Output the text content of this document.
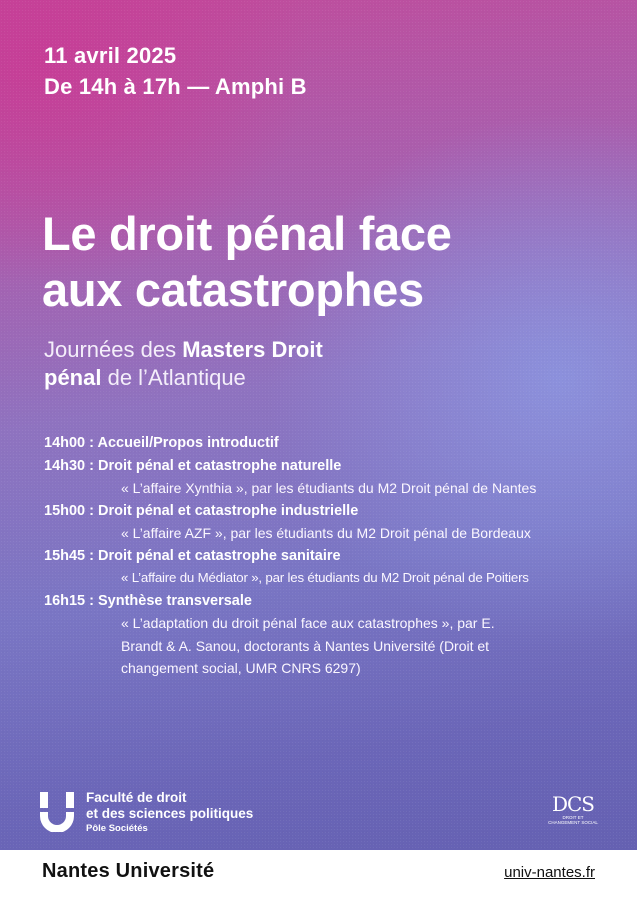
11 avril 2025
De 14h à 17h — Amphi B
Le droit pénal face
aux catastrophes
Journées des Masters Droit
pénal de l’Atlantique
14h00 : Accueil/Propos introductif
14h30 : Droit pénal et catastrophe naturelle
« L’affaire Xynthia », par les étudiants du M2 Droit pénal de Nantes
15h00 : Droit pénal et catastrophe industrielle
« L’affaire AZF », par les étudiants du M2 Droit pénal de Bordeaux
15h45 : Droit pénal et catastrophe sanitaire
« L’affaire du Médiator », par les étudiants du M2 Droit pénal de Poitiers
16h15 : Synthèse transversale
« L’adaptation du droit pénal face aux catastrophes », par E.
Brandt & A. Sanou, doctorants à Nantes Université (Droit et
changement social, UMR CNRS 6297)
Faculté de droit
et des sciences politiques
Pôle Sociétés
DCS
DROIT ET
CHANGEMENT SOCIAL
Nantes Université	univ-nantes.fr
